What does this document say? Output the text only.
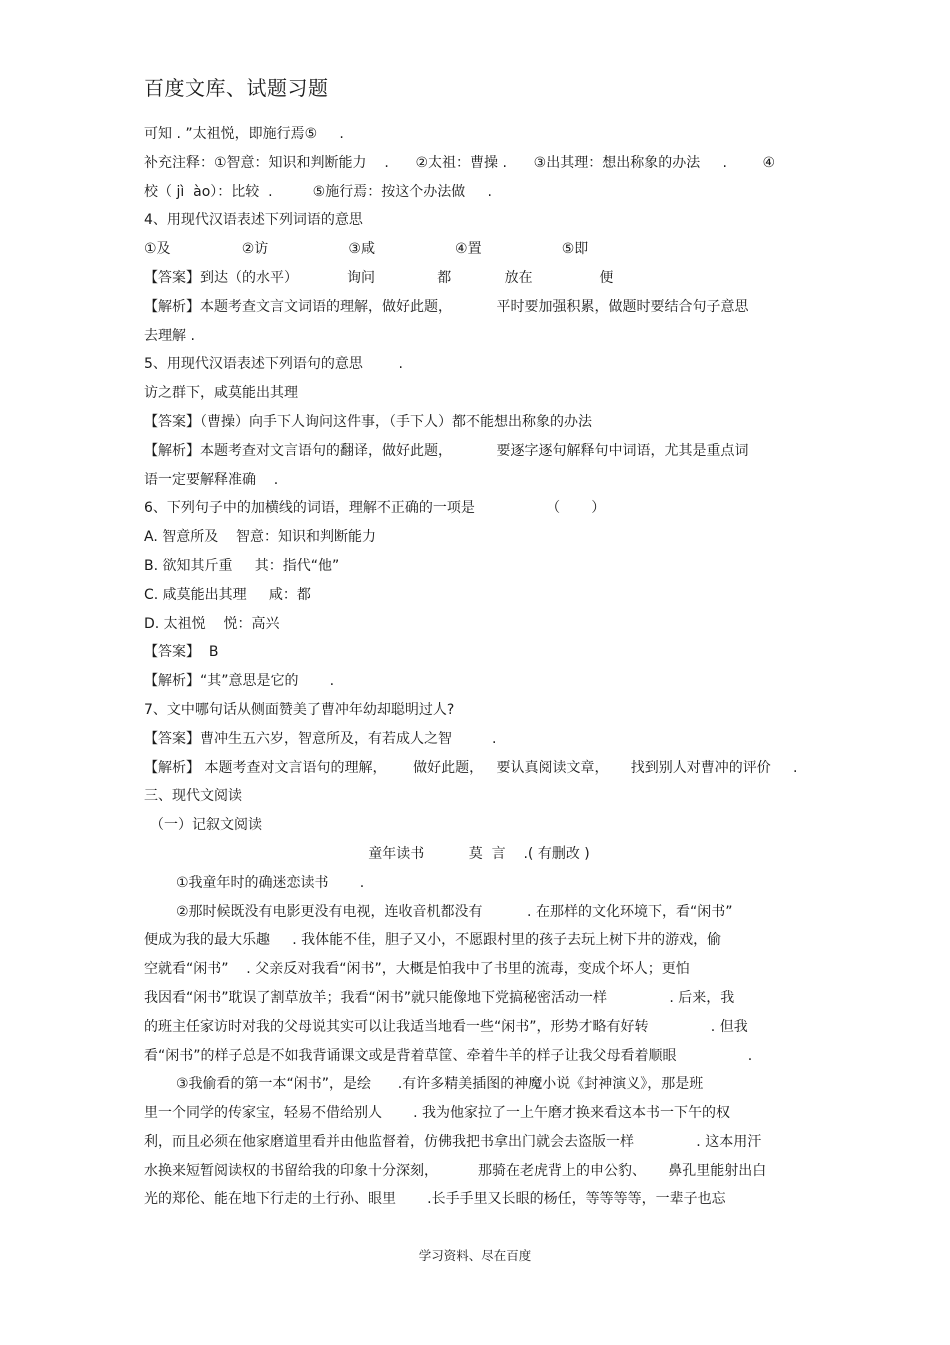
百度文库、试题习题
可知 . ”太祖悦，即施行焉⑤     .
补充注释：①智意：知识和判断能力    .      ②太祖：曹操 .      ③出其理：想出称象的办法     .        ④
校（ jì  ào）：比较  .         ⑤施行焉：按这个办法做     .
4、用现代汉语表述下列词语的意思
①及                ②访                  ③咸                  ④置                  ⑤即
【答案】到达（的水平）           询问              都            放在               便
【解析】本题考查文言文词语的理解，做好此题，          平时要加强积累，做题时要结合句子意思
去理解 .
5、用现代汉语表述下列语句的意思        .
访之群下，咸莫能出其理
【答案】（曹操）向手下人询问这件事，（手下人）都不能想出称象的办法
【解析】本题考查对文言语句的翻译，做好此题，          要逐字逐句解释句中词语，尤其是重点词
语一定要解释准确    .
6、下列句子中的加横线的词语，理解不正确的一项是                （       ）
A. 智意所及    智意：知识和判断能力
B. 欲知其斤重     其：指代“他”
C. 咸莫能出其理     咸：都
D. 太祖悦    悦：高兴
【答案】  B
【解析】“其”意思是它的       .
7、文中哪句话从侧面赞美了曹冲年幼却聪明过人?
【答案】曹冲生五六岁，智意所及，有若成人之智         .
【解析】 本题考查对文言语句的理解，      做好此题，   要认真阅读文章，     找到别人对曹冲的评价     .
三、现代文阅读
（一）记叙文阅读
童年读书          莫  言    .( 有删改 )
①我童年时的确迷恋读书       .
②那时候既没有电影更没有电视，连收音机都没有          . 在那样的文化环境下，看“闲书”
便成为我的最大乐趣     . 我体能不佳，胆子又小，不愿跟村里的孩子去玩上树下井的游戏，偷
空就看“闲书”    . 父亲反对我看“闲书”，大概是怕我中了书里的流毒，变成个坏人；更怕
我因看“闲书”耽误了割草放羊；我看“闲书”就只能像地下党搞秘密活动一样              . 后来，我
的班主任家访时对我的父母说其实可以让我适当地看一些“闲书”，形势才略有好转              . 但我
看“闲书”的样子总是不如我背诵课文或是背着草筐、牵着牛羊的样子让我父母看着顺眼                .
③我偷看的第一本“闲书”，是绘      .有许多精美插图的神魔小说《封神演义》，那是班
里一个同学的传家宝，轻易不借给别人       . 我为他家拉了一上午磨才换来看这本书一下午的权
利，而且必须在他家磨道里看并由他监督着，仿佛我把书拿出门就会去盗版一样              . 这本用汗
水换来短暂阅读权的书留给我的印象十分深刻，         那骑在老虎背上的申公豹、     鼻孔里能射出白
光的郑伦、能在地下行走的土行孙、眼里       .长手手里又长眼的杨任，等等等等，一辈子也忘
学习资料、尽在百度
